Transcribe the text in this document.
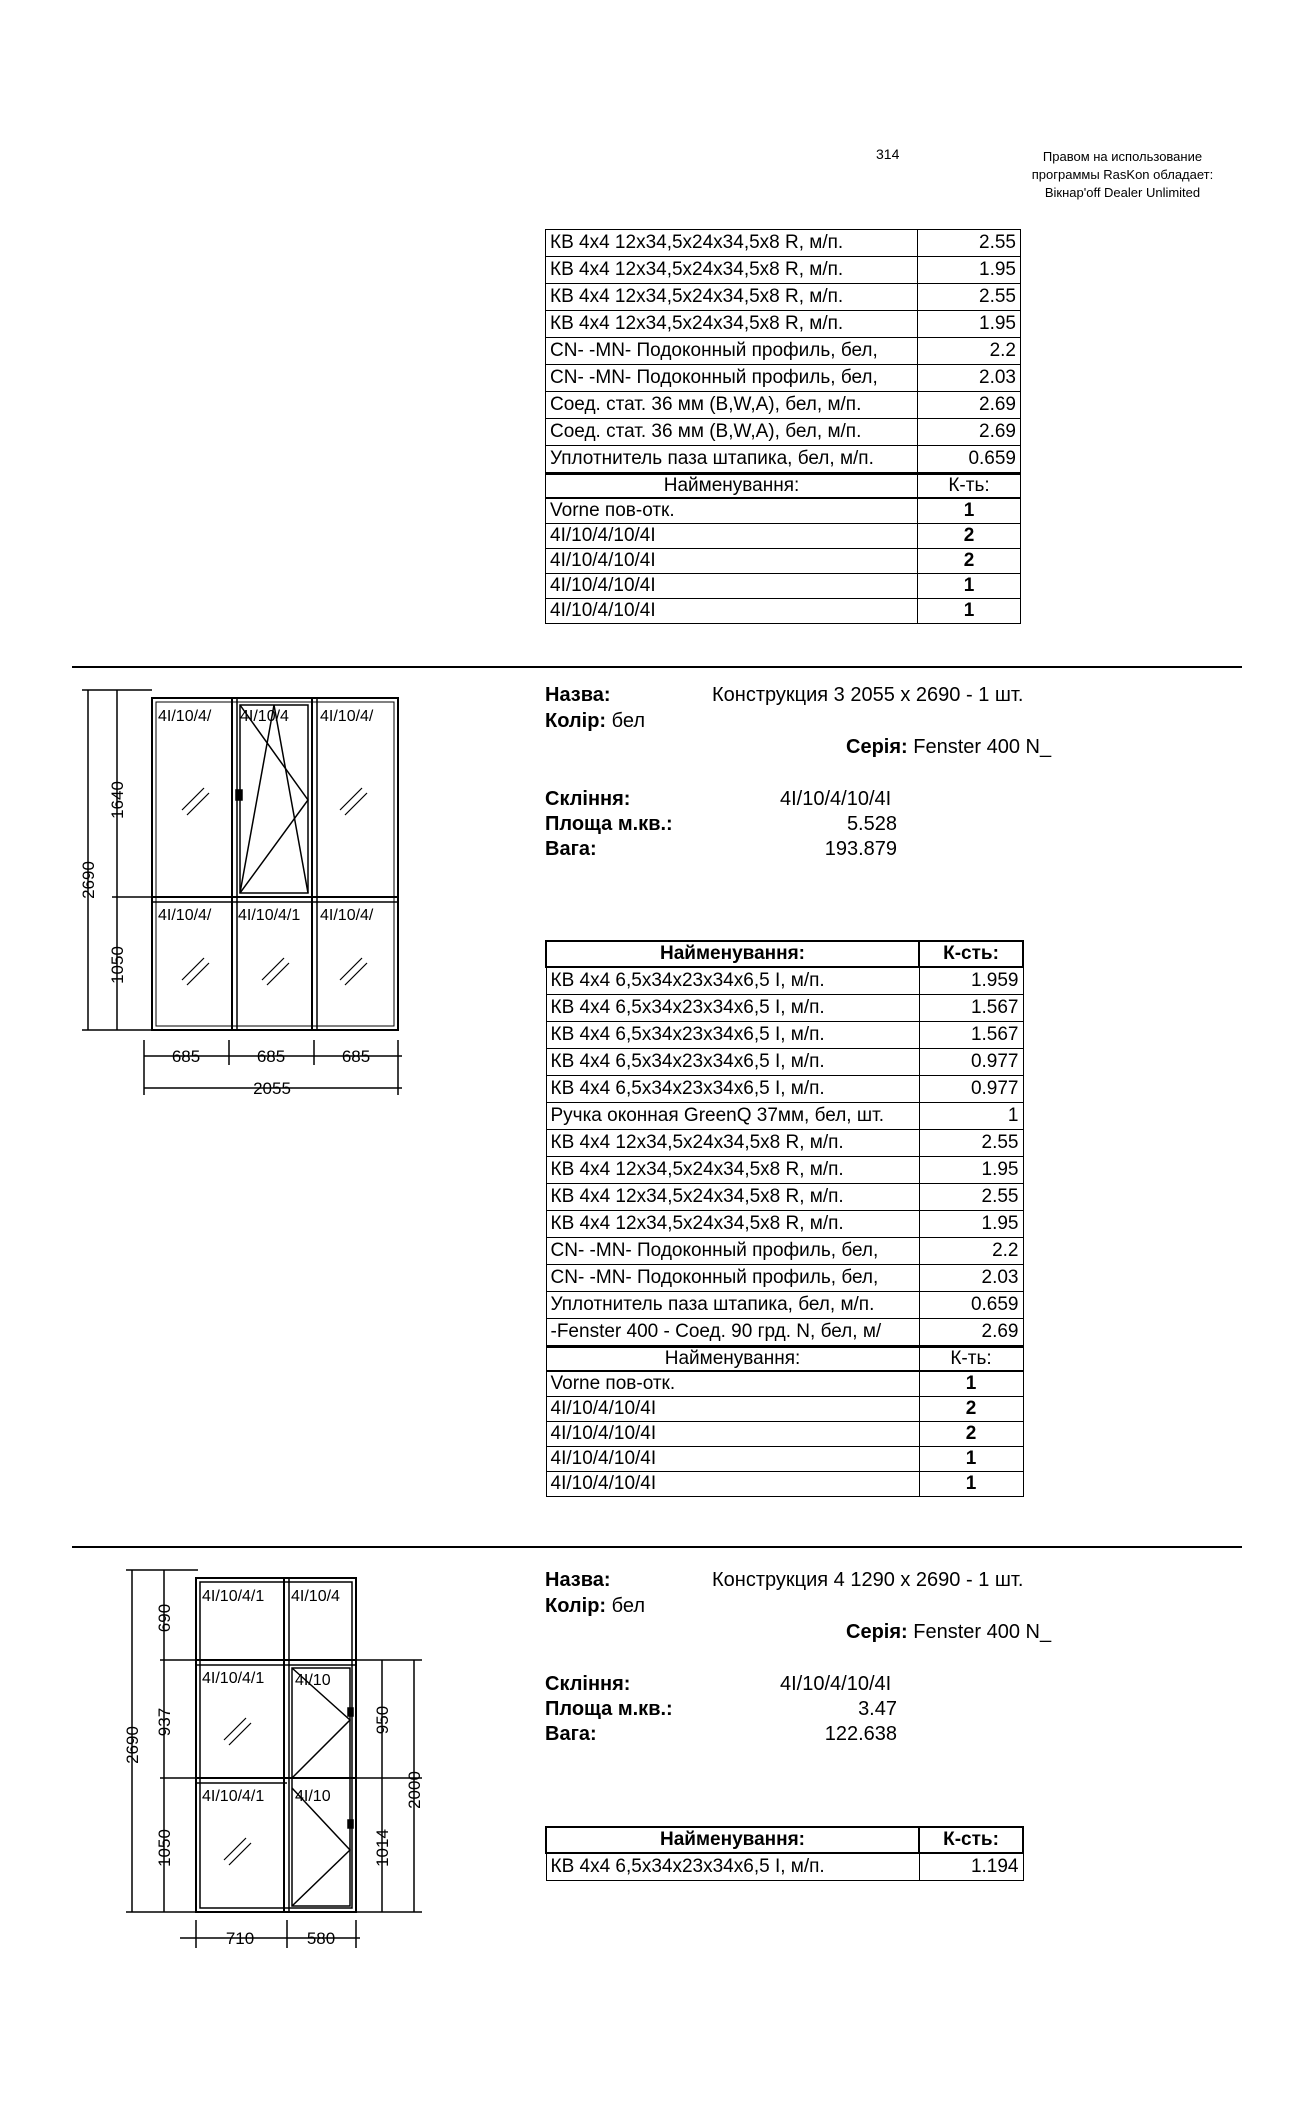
314	Правом на использование
программы RasKon обладает:
Вікнар'off Dealer Unlimited
КВ 4x4 12x34,5x24x34,5x8 R, м/п.	2.55
КВ 4x4 12x34,5x24x34,5x8 R, м/п.	1.95
КВ 4x4 12x34,5x24x34,5x8 R, м/п.	2.55
КВ 4x4 12x34,5x24x34,5x8 R, м/п.	1.95
CN- -MN- Подоконный профиль, бел,	2.2
CN- -MN- Подоконный профиль, бел,	2.03
Соед. стат. 36 мм (B,W,A), бел, м/п.	2.69
Соед. стат. 36 мм (B,W,A), бел, м/п.	2.69
Уплотнитель паза штапика, бел, м/п.	0.659
Найменування:	К-ть:
Vorne пов-отк.	1
4I/10/4/10/4I	2
4I/10/4/10/4I	2
4I/10/4/10/4I	1
4I/10/4/10/4I	1
4I/10/4/ 4I/10/4 4I/10/4/
4I/10/4/ 4I/10/4/1 4I/10/4/
2690
1640
1050
685	685	685
2055
Назва:	Конструкция 3 2055 x 2690 - 1 шт.
Колір: бел
Серія: Fenster 400 N_
Скління:	4I/10/4/10/4I
Площа м.кв.:	5.528
Вага:	193.879
Найменування:	К-сть:
КВ 4x4 6,5x34x23x34x6,5 I, м/п.	1.959
КВ 4x4 6,5x34x23x34x6,5 I, м/п.	1.567
КВ 4x4 6,5x34x23x34x6,5 I, м/п.	1.567
КВ 4x4 6,5x34x23x34x6,5 I, м/п.	0.977
КВ 4x4 6,5x34x23x34x6,5 I, м/п.	0.977
Ручка оконная GreenQ 37мм, бел, шт.	1
КВ 4x4 12x34,5x24x34,5x8 R, м/п.	2.55
КВ 4x4 12x34,5x24x34,5x8 R, м/п.	1.95
КВ 4x4 12x34,5x24x34,5x8 R, м/п.	2.55
КВ 4x4 12x34,5x24x34,5x8 R, м/п.	1.95
CN- -MN- Подоконный профиль, бел,	2.2
CN- -MN- Подоконный профиль, бел,	2.03
Уплотнитель паза штапика, бел, м/п.	0.659
-Fenster 400 - Соед. 90 грд. N, бел, м/	2.69
Найменування:	К-ть:
Vorne пов-отк.	1
4I/10/4/10/4I	2
4I/10/4/10/4I	2
4I/10/4/10/4I	1
4I/10/4/10/4I	1
4I/10/4/1 4I/10/4
4I/10/4/1 4I/10
4I/10/4/1 4I/10
2690
690
937
1050
950
1014
2000
710	580
Назва:	Конструкция 4 1290 x 2690 - 1 шт.
Колір: бел
Серія: Fenster 400 N_
Скління:	4I/10/4/10/4I
Площа м.кв.:	3.47
Вага:	122.638
Найменування:	К-сть:
КВ 4x4 6,5x34x23x34x6,5 I, м/п.	1.194
